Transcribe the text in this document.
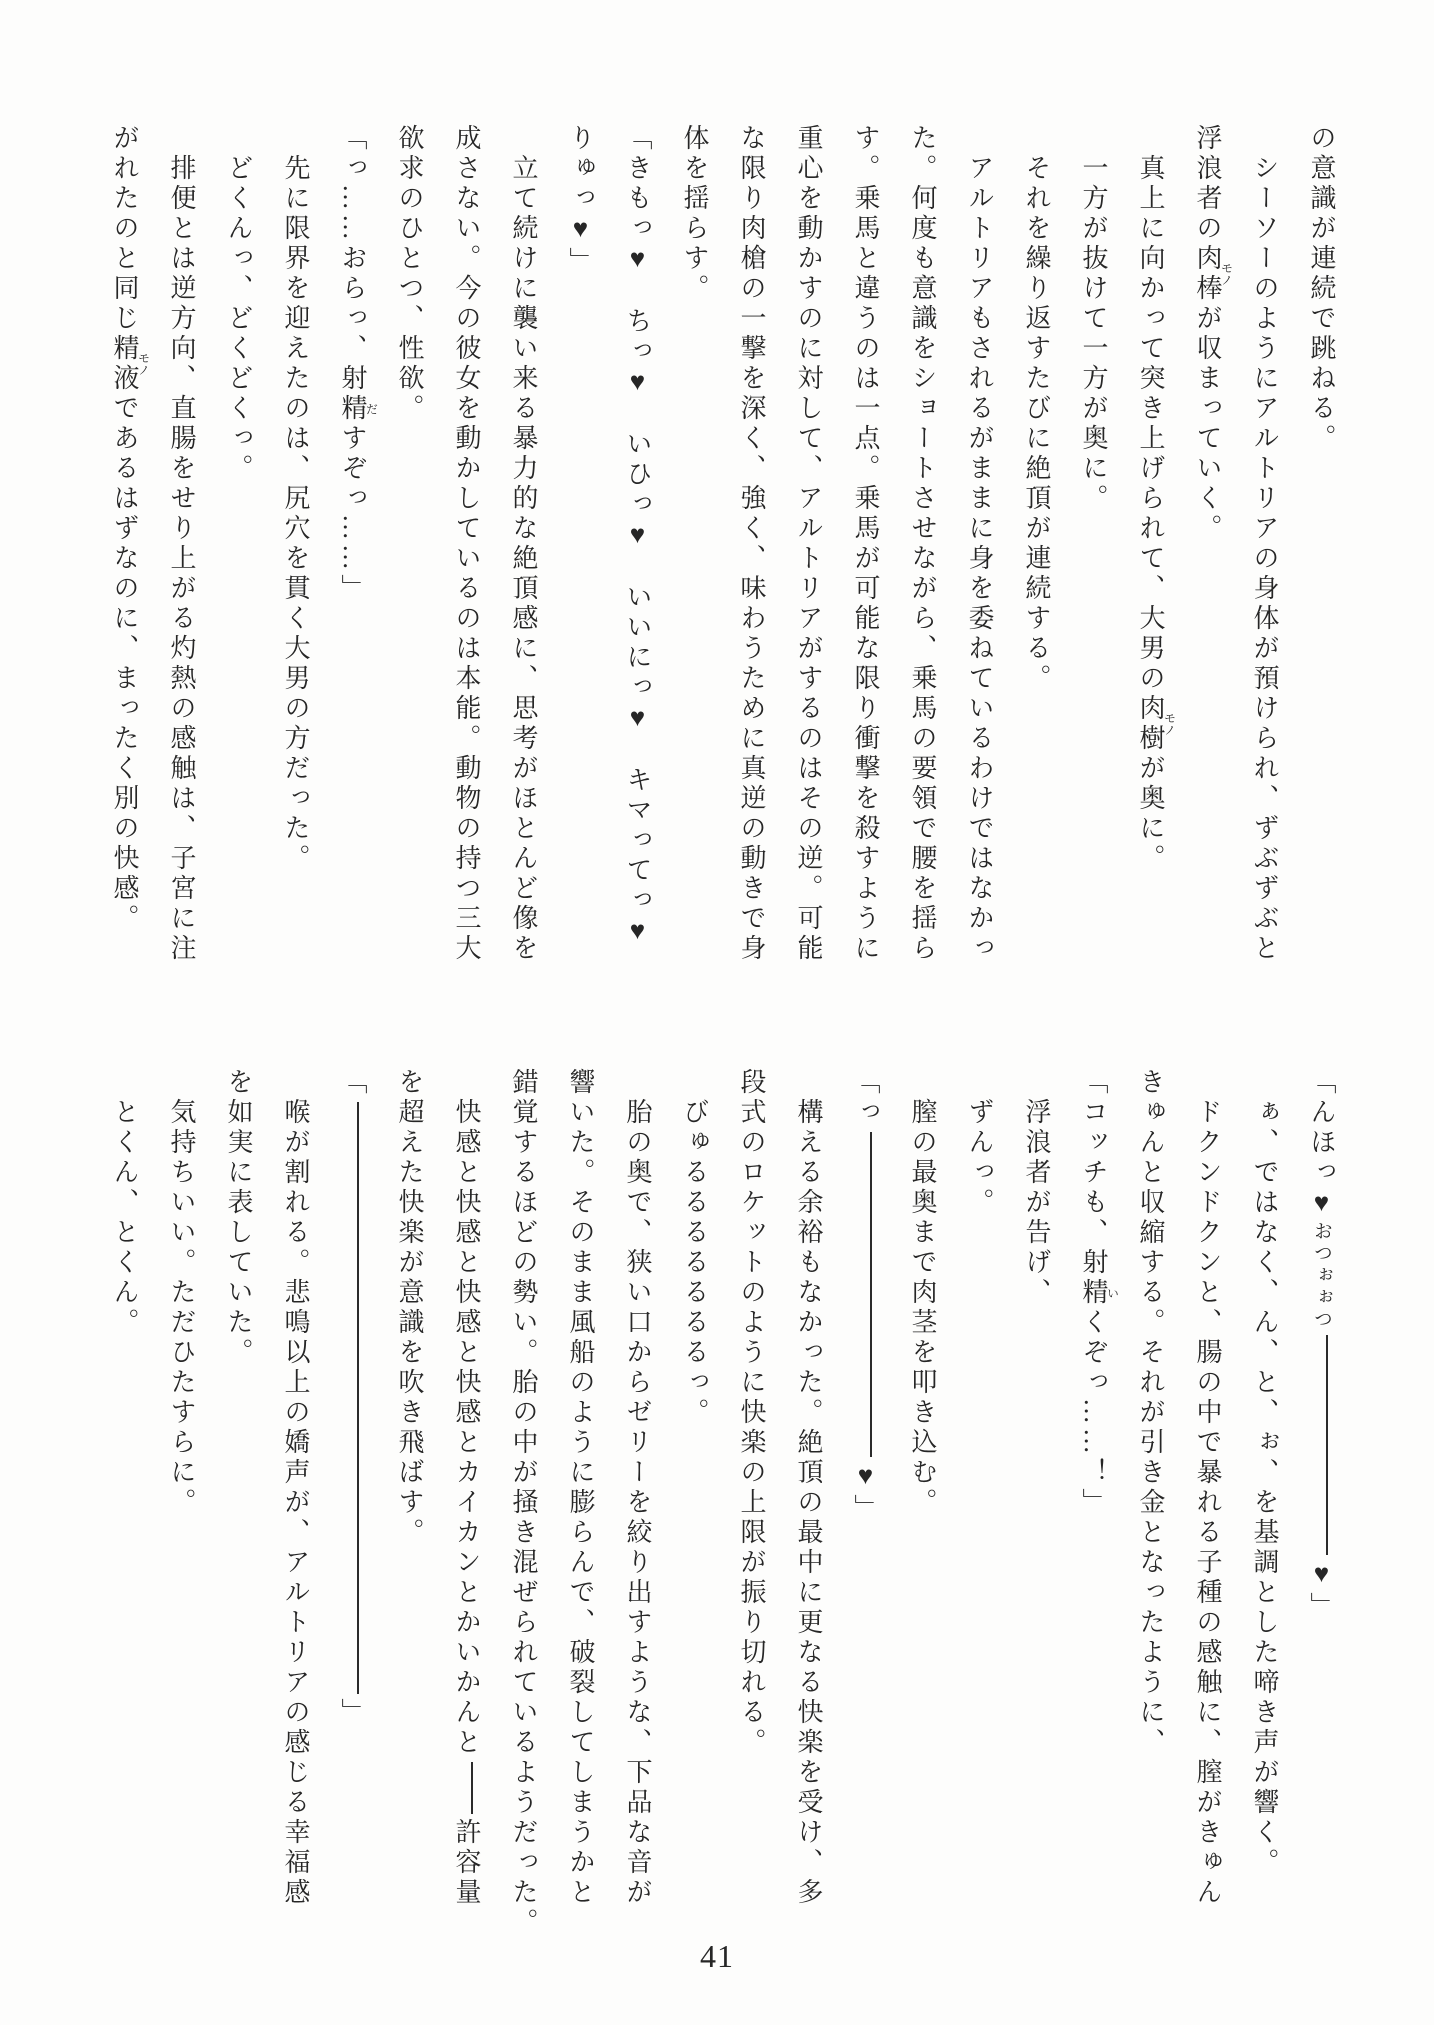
の意識が連続で跳ねる。

シーソーのようにアルトリアの身体が預けられ、ずぶずぶと

浮浪者の肉棒モノが収まっていく。

真上に向かって突き上げられて、大男の肉樹モノが奥に。

一方が抜けて一方が奥に。

それを繰り返すたびに絶頂が連続する。

アルトリアもされるがままに身を委ねているわけではなかっ

た。何度も意識をショートさせながら、乗馬の要領で腰を揺ら

す。乗馬と違うのは一点。乗馬が可能な限り衝撃を殺すように

重心を動かすのに対して、アルトリアがするのはその逆。可能

な限り肉槍の一撃を深く、強く、味わうために真逆の動きで身

体を揺らす。

「きもっ♥　ちっ♥　いひっ♥　いいにっ♥　キマってっ♥

りゅっ♥」

立て続けに襲い来る暴力的な絶頂感に、思考がほとんど像を

成さない。今の彼女を動かしているのは本能。動物の持つ三大

欲求のひとつ、性欲。

「っ……おらっ、射精だすぞっ……」

先に限界を迎えたのは、尻穴を貫く大男の方だった。

どくんっ、どくどくっ。

排便とは逆方向、直腸をせり上がる灼熱の感触は、子宮に注

がれたのと同じ精液モノであるはずなのに、まったく別の快感。

「んほっ♥おつぉぉつ♥」

ぁ、ではなく、ん、と、ぉ、を基調とした啼き声が響く。

ドクンドクンと、腸の中で暴れる子種の感触に、膣がきゅん

きゅんと収縮する。それが引き金となったように、

「コッチも、射精いくぞっ……！」

浮浪者が告げ、

ずんっ。

膣の最奥まで肉茎を叩き込む。

「っ♥」

構える余裕もなかった。絶頂の最中に更なる快楽を受け、多

段式のロケットのように快楽の上限が振り切れる。

びゅるるるるるるるっ。

胎の奥で、狭い口からゼリーを絞り出すような、下品な音が

響いた。そのまま風船のように膨らんで、破裂してしまうかと

錯覚するほどの勢い。胎の中が掻き混ぜられているようだった。

快感と快感と快感と快感とカイカンとかいかんと許容量

を超えた快楽が意識を吹き飛ばす。

「」

喉が割れる。悲鳴以上の嬌声が、アルトリアの感じる幸福感

を如実に表していた。

気持ちいい。ただひたすらに。

とくん、とくん。

41
